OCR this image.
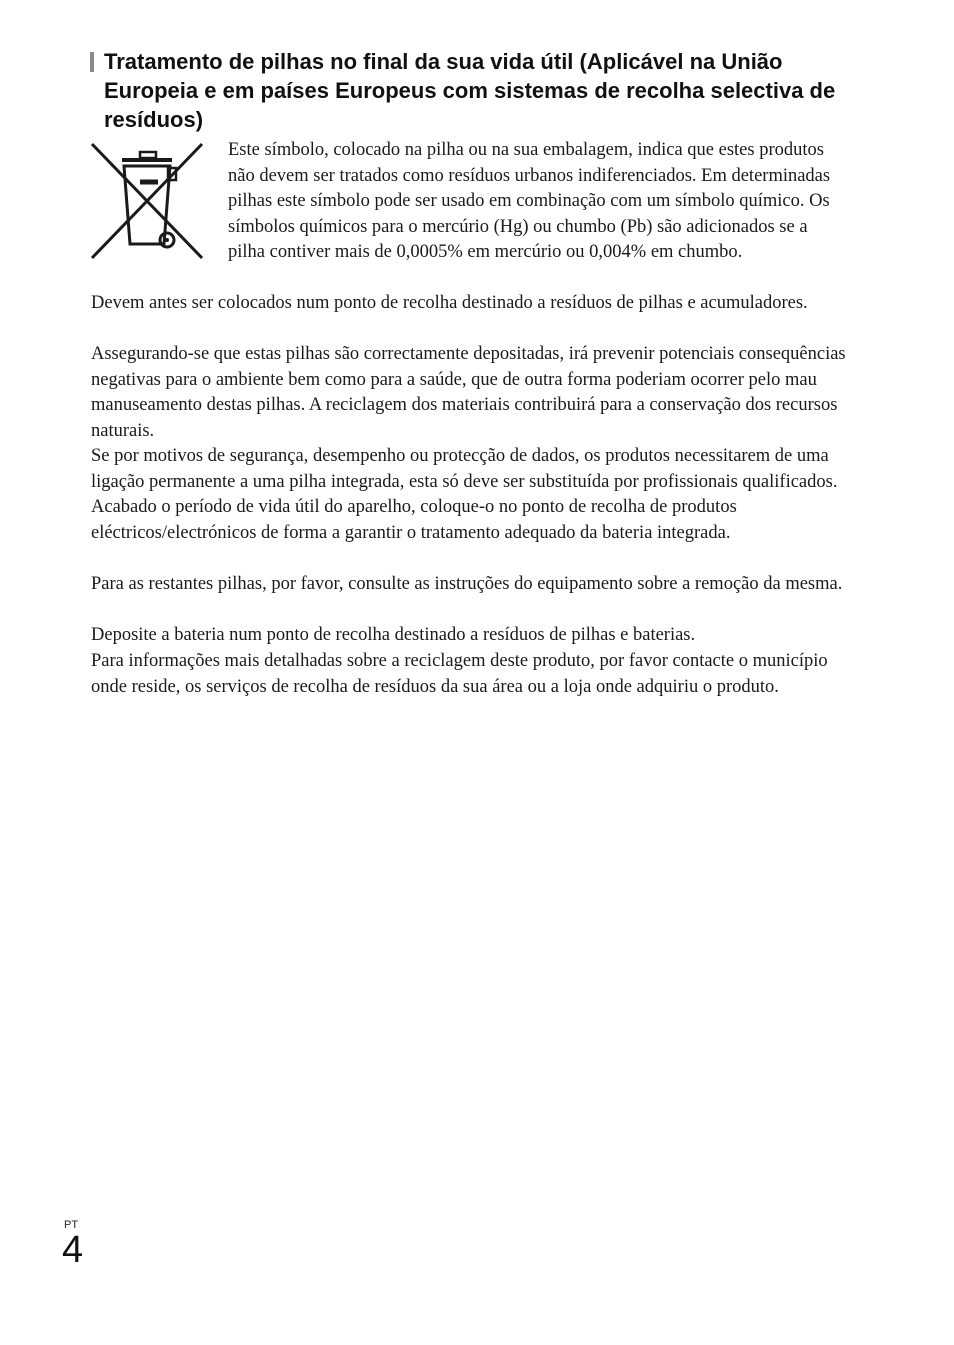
Tratamento de pilhas no final da sua vida útil (Aplicável na União Europeia e em países Europeus com sistemas de recolha selectiva de resíduos)

Este símbolo, colocado na pilha ou na sua embalagem, indica que estes produtos não devem ser tratados como resíduos urbanos indiferenciados. Em determinadas pilhas este símbolo pode ser usado em combinação com um símbolo químico. Os símbolos químicos para o mercúrio (Hg) ou chumbo (Pb) são adicionados se a pilha contiver mais de 0,0005% em mercúrio ou 0,004% em chumbo.

Devem antes ser colocados num ponto de recolha destinado a resíduos de pilhas e acumuladores.

Assegurando-se que estas pilhas são correctamente depositadas, irá prevenir potenciais consequências negativas para o ambiente bem como para a saúde, que de outra forma poderiam ocorrer pelo mau manuseamento destas pilhas. A reciclagem dos materiais contribuirá para a conservação dos recursos naturais.

Se por motivos de segurança, desempenho ou protecção de dados, os produtos necessitarem de uma ligação permanente a uma pilha integrada, esta só deve ser substituída por profissionais qualificados. Acabado o período de vida útil do aparelho, coloque-o no ponto de recolha de produtos eléctricos/electrónicos de forma a garantir o tratamento adequado da bateria integrada.

Para as restantes pilhas, por favor, consulte as instruções do equipamento sobre a remoção da mesma.

Deposite a bateria num ponto de recolha destinado a resíduos de pilhas e baterias.

Para informações mais detalhadas sobre a reciclagem deste produto, por favor contacte o município onde reside, os serviços de recolha de resíduos da sua área ou a loja onde adquiriu o produto.

PT
4
